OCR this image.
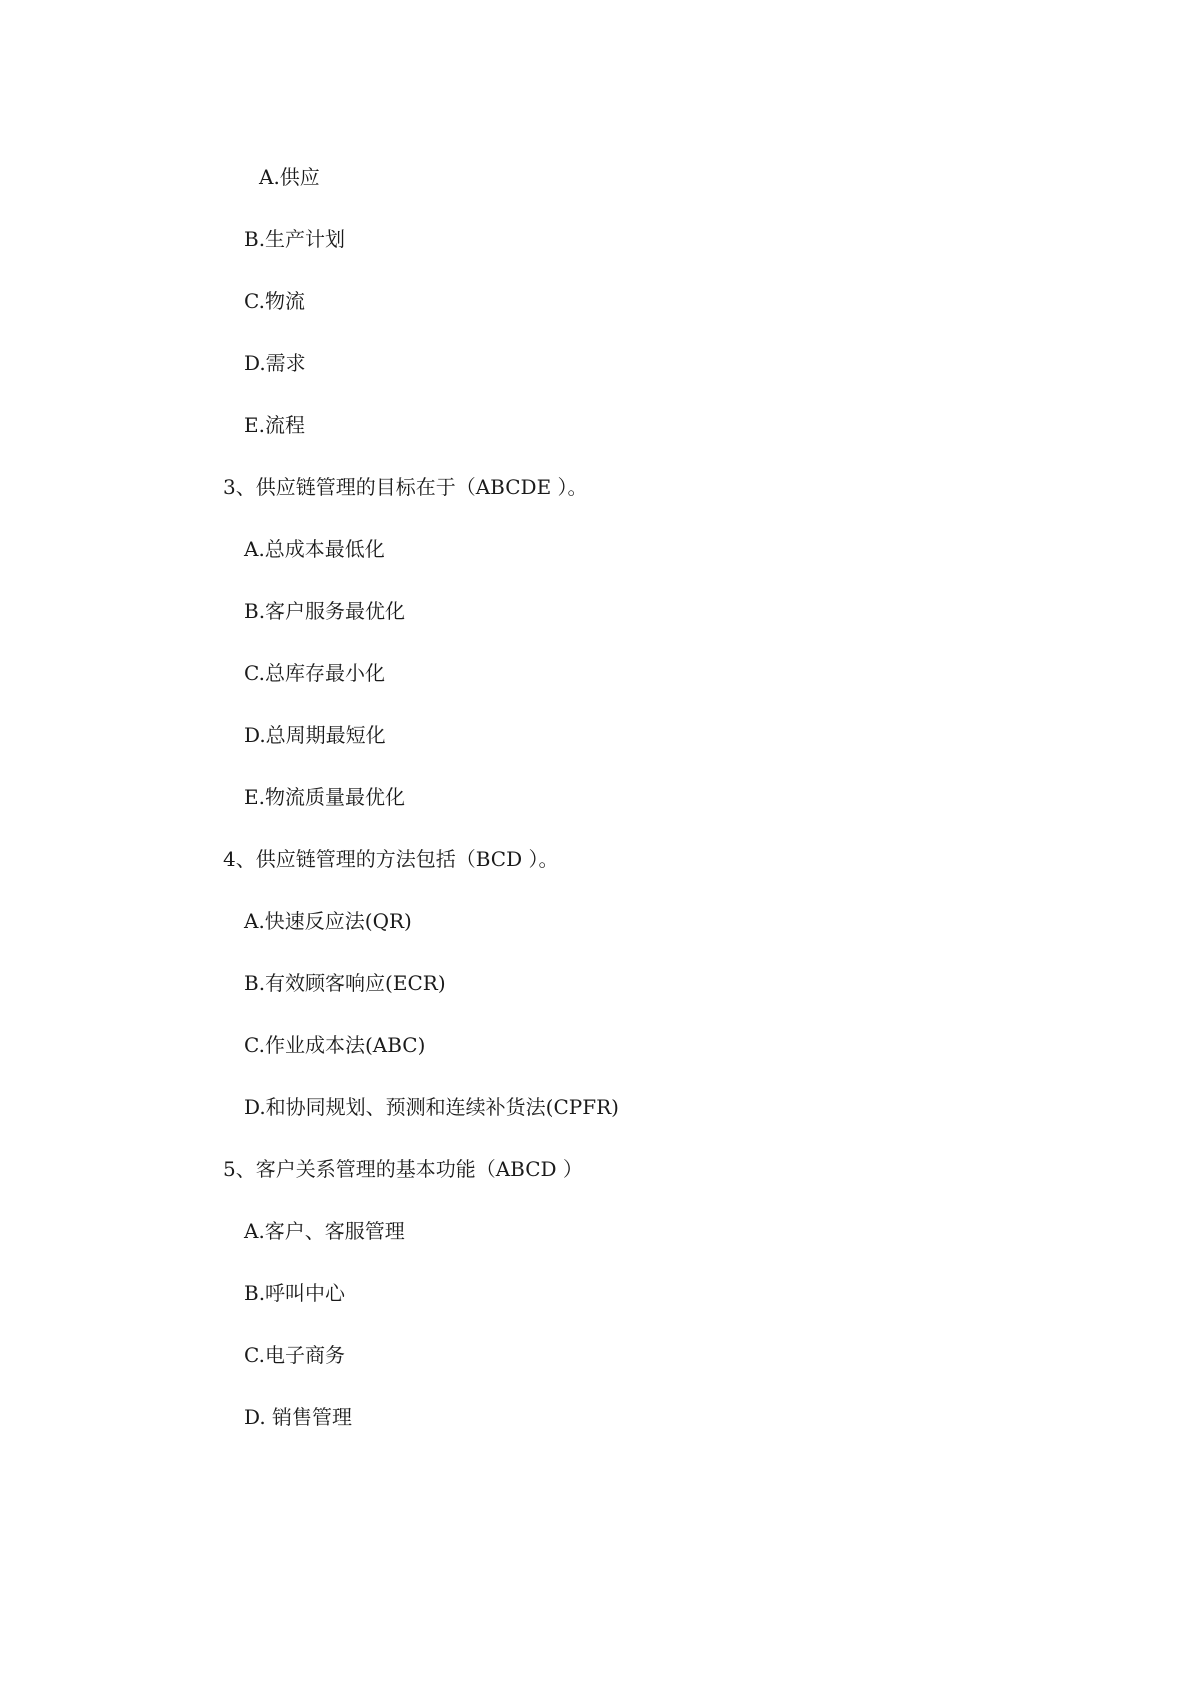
A.供应
B.生产计划
C.物流
D.需求
E.流程
3、供应链管理的目标在于（ABCDE ）。
A.总成本最低化
B.客户服务最优化
C.总库存最小化
D.总周期最短化
E.物流质量最优化
4、供应链管理的方法包括（BCD ）。
A.快速反应法(QR)
B.有效顾客响应(ECR)
C.作业成本法(ABC)
D.和协同规划、预测和连续补货法(CPFR)
5、客户关系管理的基本功能（ABCD ）
A.客户、客服管理
B.呼叫中心
C.电子商务
D. 销售管理
